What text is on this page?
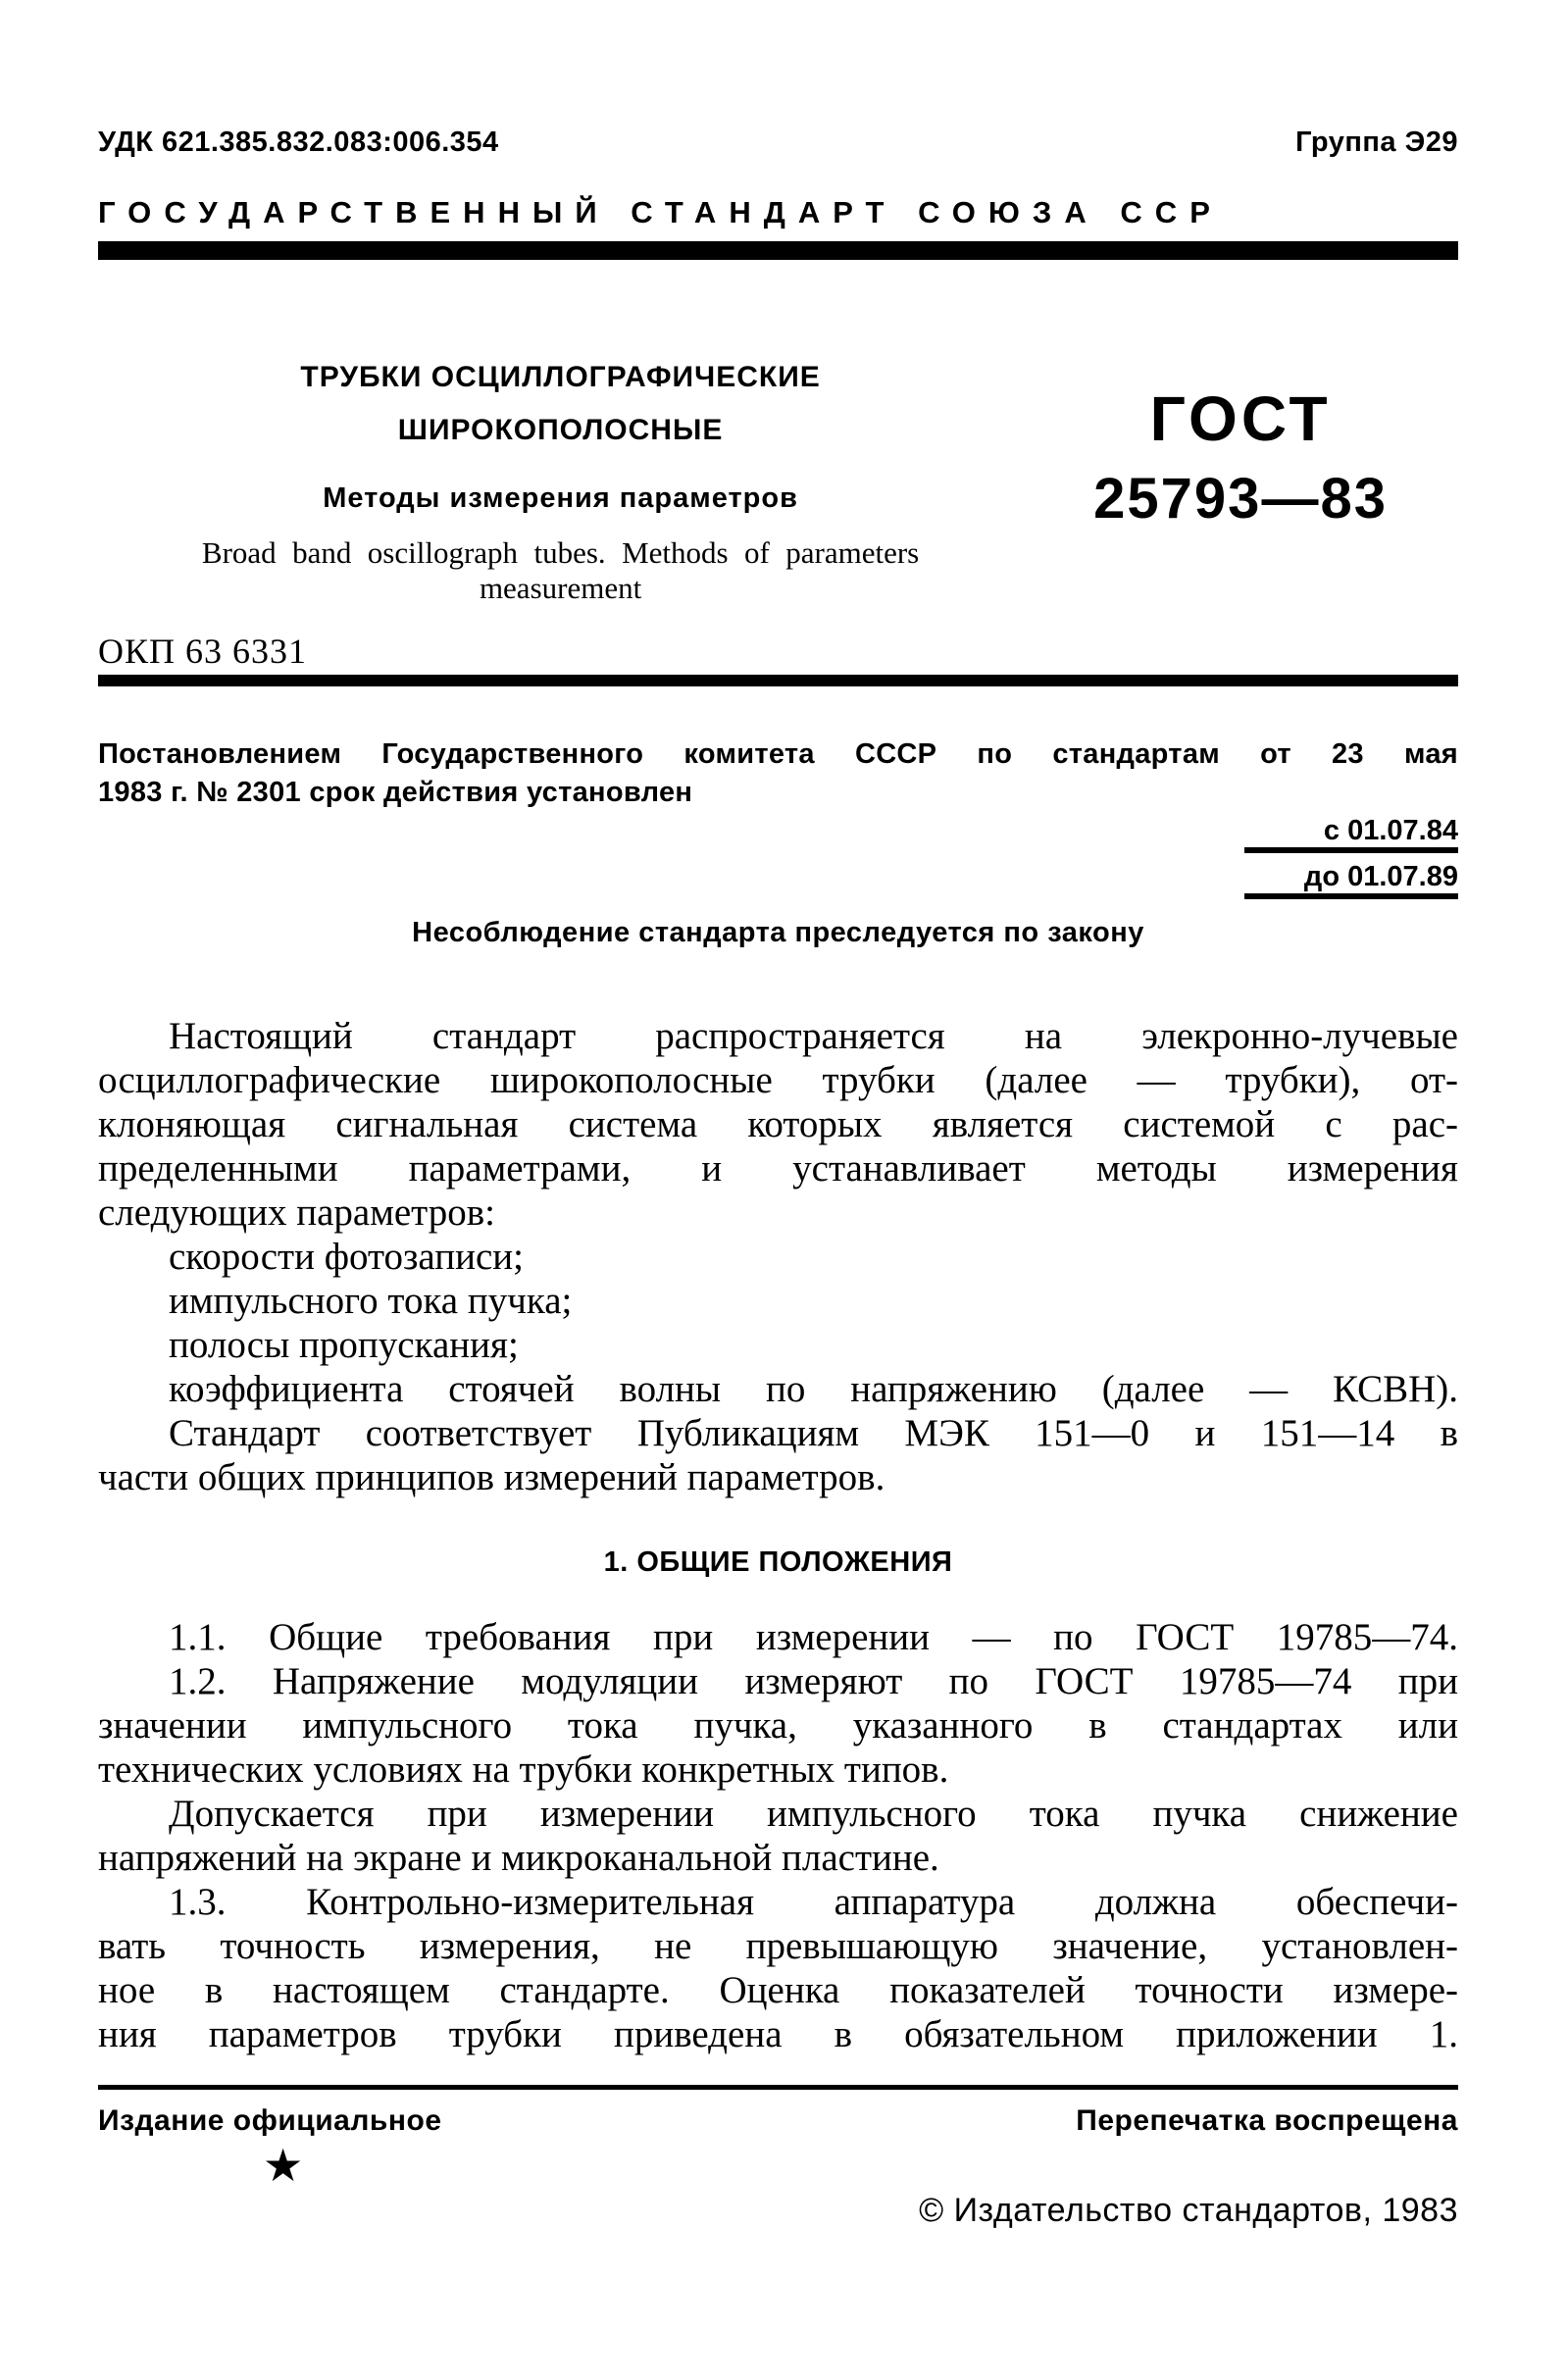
УДК 621.385.832.083:006.354	Группа Э29
ГОСУДАРСТВЕННЫЙ СТАНДАРТ СОЮЗА ССР
ТРУБКИ ОСЦИЛЛОГРАФИЧЕСКИЕ
ШИРОКОПОЛОСНЫЕ
Методы измерения параметров
Broad band oscillograph tubes. Methods of parameters
measurement
ГОСТ
25793—83
ОКП 63 6331
Постановлением Государственного комитета СССР по стандартам от 23 мая
1983 г. № 2301 срок действия установлен
с 01.07.84
до 01.07.89
Несоблюдение стандарта преследуется по закону
Настоящий стандарт распространяется на элекронно-лучевые
осциллографические широкополосные трубки (далее — трубки), от-
клоняющая сигнальная система которых является системой с рас-
пределенными параметрами, и устанавливает методы измерения
следующих параметров:
скорости фотозаписи;
импульсного тока пучка;
полосы пропускания;
коэффициента стоячей волны по напряжению (далее — КСВН).
Стандарт соответствует Публикациям МЭК 151—0 и 151—14 в
части общих принципов измерений параметров.
1. ОБЩИЕ ПОЛОЖЕНИЯ
1.1. Общие требования при измерении — по ГОСТ 19785—74.
1.2. Напряжение модуляции измеряют по ГОСТ 19785—74 при
значении импульсного тока пучка, указанного в стандартах или
технических условиях на трубки конкретных типов.
Допускается при измерении импульсного тока пучка снижение
напряжений на экране и микроканальной пластине.
1.3. Контрольно-измерительная аппаратура должна обеспечи-
вать точность измерения, не превышающую значение, установлен-
ное в настоящем стандарте. Оценка показателей точности измере-
ния параметров трубки приведена в обязательном приложении 1.
Издание официальное	Перепечатка воспрещена
★
© Издательство стандартов, 1983
